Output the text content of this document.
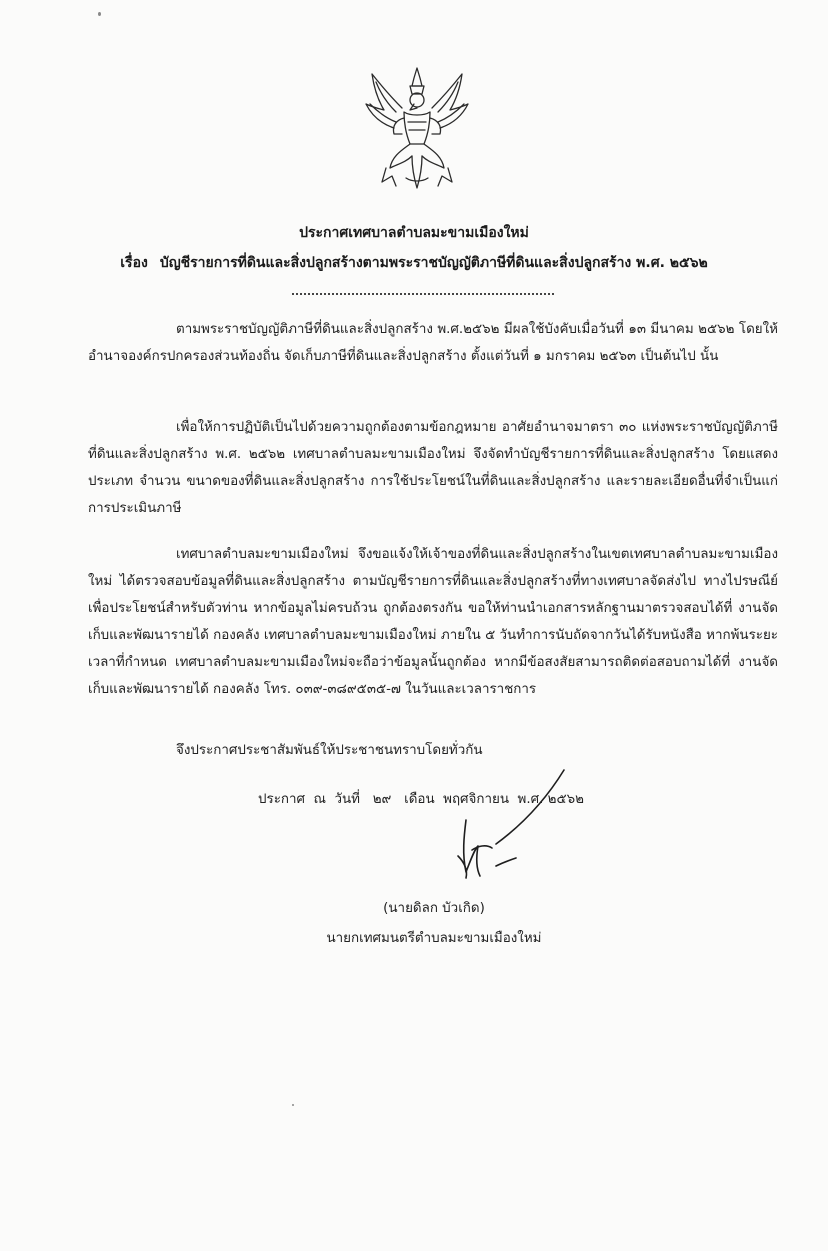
ประกาศเทศบาลตำบลมะขามเมืองใหม่
เรื่อง บัญชีรายการที่ดินและสิ่งปลูกสร้างตามพระราชบัญญัติภาษีที่ดินและสิ่งปลูกสร้าง พ.ศ. ๒๕๖๒

ตามพระราชบัญญัติภาษีที่ดินและสิ่งปลูกสร้าง พ.ศ.๒๕๖๒ มีผลใช้บังคับเมื่อวันที่ ๑๓ มีนาคม ๒๕๖๒ โดยให้อำนาจองค์กรปกครองส่วนท้องถิ่น จัดเก็บภาษีที่ดินและสิ่งปลูกสร้าง ตั้งแต่วันที่ ๑ มกราคม ๒๕๖๓ เป็นต้นไป นั้น

เพื่อให้การปฏิบัติเป็นไปด้วยความถูกต้องตามข้อกฎหมาย อาศัยอำนาจมาตรา ๓๐ แห่งพระราชบัญญัติภาษีที่ดินและสิ่งปลูกสร้าง พ.ศ. ๒๕๖๒ เทศบาลตำบลมะขามเมืองใหม่ จึงจัดทำบัญชีรายการที่ดินและสิ่งปลูกสร้าง โดยแสดงประเภท จำนวน ขนาดของที่ดินและสิ่งปลูกสร้าง การใช้ประโยชน์ในที่ดินและสิ่งปลูกสร้าง และรายละเอียดอื่นที่จำเป็นแก่การประเมินภาษี

เทศบาลตำบลมะขามเมืองใหม่ จึงขอแจ้งให้เจ้าของที่ดินและสิ่งปลูกสร้างในเขตเทศบาลตำบลมะขามเมืองใหม่ ได้ตรวจสอบข้อมูลที่ดินและสิ่งปลูกสร้าง ตามบัญชีรายการที่ดินและสิ่งปลูกสร้างที่ทางเทศบาลจัดส่งไป ทางไปรษณีย์ เพื่อประโยชน์สำหรับตัวท่าน หากข้อมูลไม่ครบถ้วน ถูกต้องตรงกัน ขอให้ท่านนำเอกสารหลักฐานมาตรวจสอบได้ที่ งานจัดเก็บและพัฒนารายได้ กองคลัง เทศบาลตำบลมะขามเมืองใหม่ ภายใน ๕ วันทำการนับถัดจากวันได้รับหนังสือ หากพ้นระยะเวลาที่กำหนด เทศบาลตำบลมะขามเมืองใหม่จะถือว่าข้อมูลนั้นถูกต้อง หากมีข้อสงสัยสามารถติดต่อสอบถามได้ที่ งานจัดเก็บและพัฒนารายได้ กองคลัง โทร. ๐๓๙-๓๘๙๕๓๕-๗ ในวันและเวลาราชการ

จึงประกาศประชาสัมพันธ์ให้ประชาชนทราบโดยทั่วกัน
ประกาศ  ณ  วันที่   ๒๙   เดือน  พฤศจิกายน  พ.ศ. ๒๕๖๒
(นายดิลก บัวเกิด)
นายกเทศมนตรีตำบลมะขามเมืองใหม่
